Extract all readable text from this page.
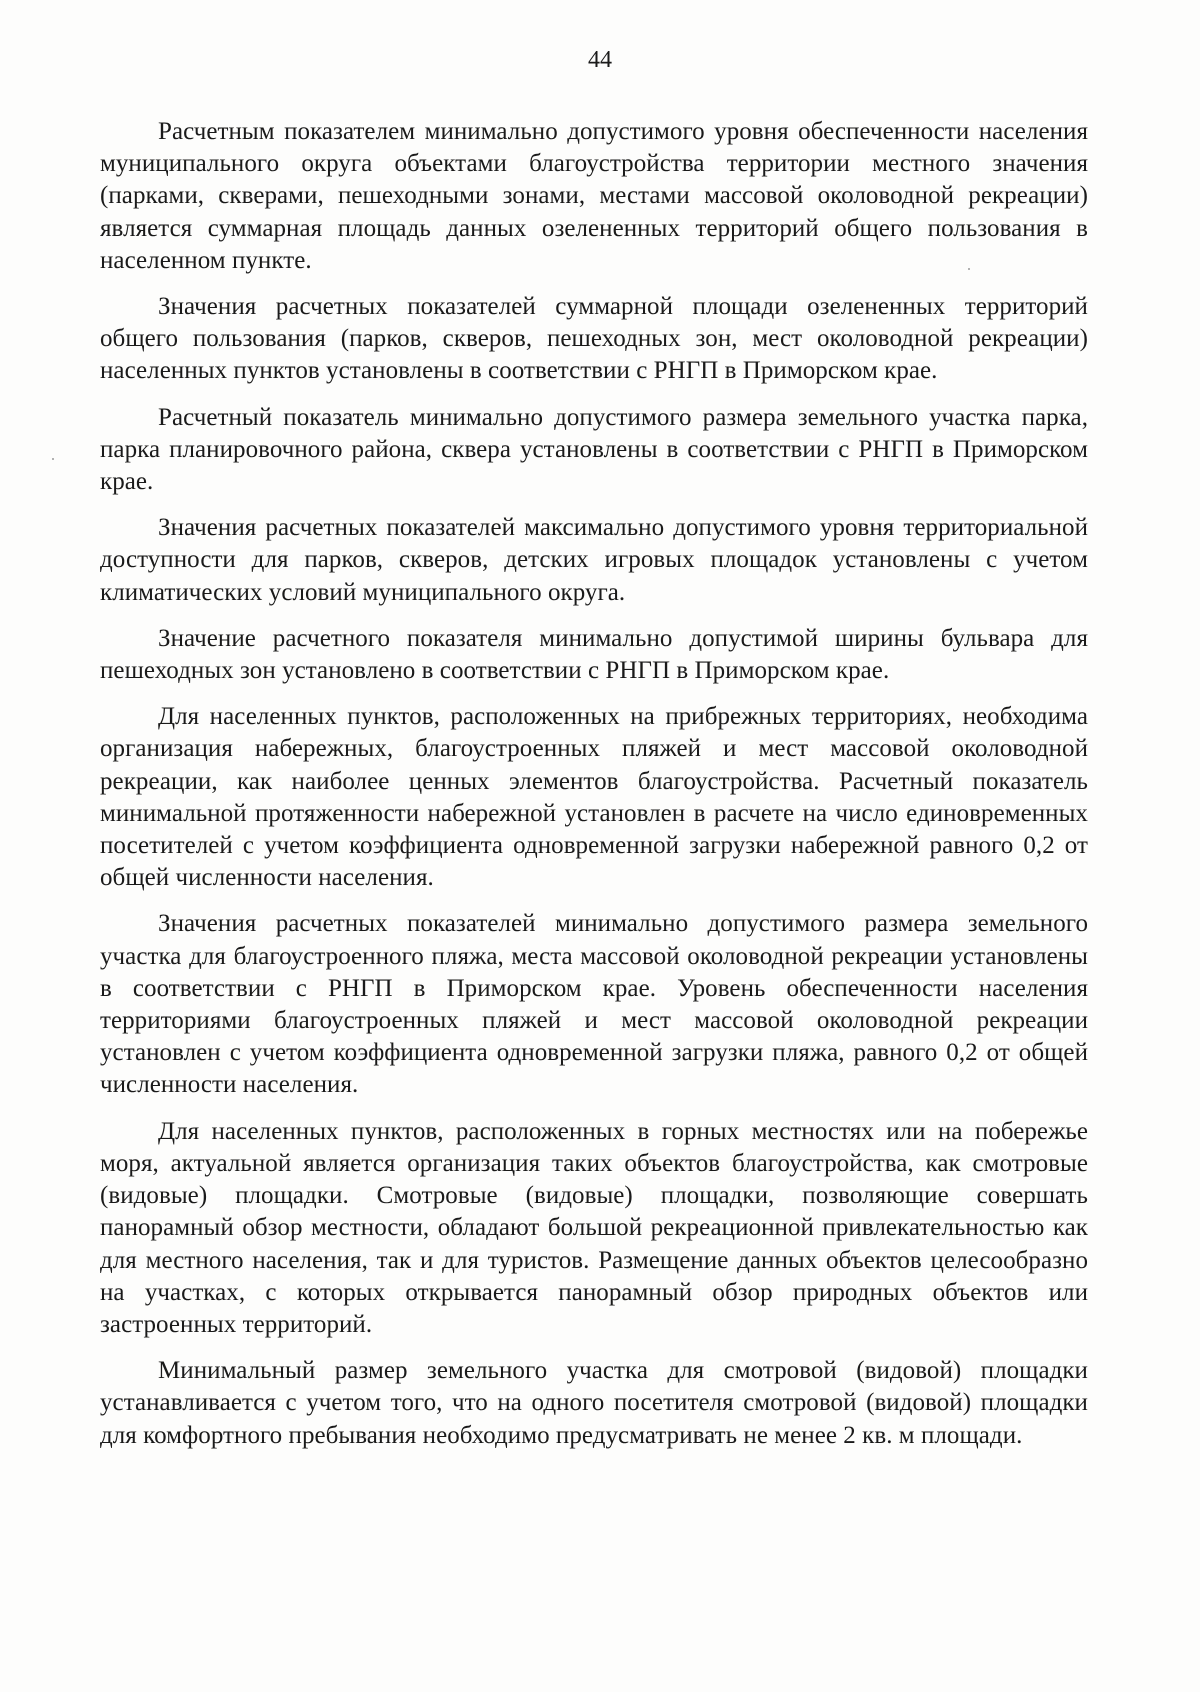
44

Расчетным показателем минимально допустимого уровня обеспеченности населения муниципального округа объектами благоустройства территории местного значения (парками, скверами, пешеходными зонами, местами массовой околоводной рекреации) является суммарная площадь данных озелененных территорий общего пользования в населенном пункте.

Значения расчетных показателей суммарной площади озелененных территорий общего пользования (парков, скверов, пешеходных зон, мест околоводной рекреации) населенных пунктов установлены в соответствии с РНГП в Приморском крае.

Расчетный показатель минимально допустимого размера земельного участка парка, парка планировочного района, сквера установлены в соответствии с РНГП в Приморском крае.

Значения расчетных показателей максимально допустимого уровня территориальной доступности для парков, скверов, детских игровых площадок установлены с учетом климатических условий муниципального округа.

Значение расчетного показателя минимально допустимой ширины бульвара для пешеходных зон установлено в соответствии с РНГП в Приморском крае.

Для населенных пунктов, расположенных на прибрежных территориях, необходима организация набережных, благоустроенных пляжей и мест массовой околоводной рекреации, как наиболее ценных элементов благоустройства. Расчетный показатель минимальной протяженности набережной установлен в расчете на число единовременных посетителей с учетом коэффициента одновременной загрузки набережной равного 0,2 от общей численности населения.

Значения расчетных показателей минимально допустимого размера земельного участка для благоустроенного пляжа, места массовой околоводной рекреации установлены в соответствии с РНГП в Приморском крае. Уровень обеспеченности населения территориями благоустроенных пляжей и мест массовой околоводной рекреации установлен с учетом коэффициента одновременной загрузки пляжа, равного 0,2 от общей численности населения.

Для населенных пунктов, расположенных в горных местностях или на побережье моря, актуальной является организация таких объектов благоустройства, как смотровые (видовые) площадки. Смотровые (видовые) площадки, позволяющие совершать панорамный обзор местности, обладают большой рекреационной привлекательностью как для местного населения, так и для туристов. Размещение данных объектов целесообразно на участках, с которых открывается панорамный обзор природных объектов или застроенных территорий.

Минимальный размер земельного участка для смотровой (видовой) площадки устанавливается с учетом того, что на одного посетителя смотровой (видовой) площадки для комфортного пребывания необходимо предусматривать не менее 2 кв. м площади.
